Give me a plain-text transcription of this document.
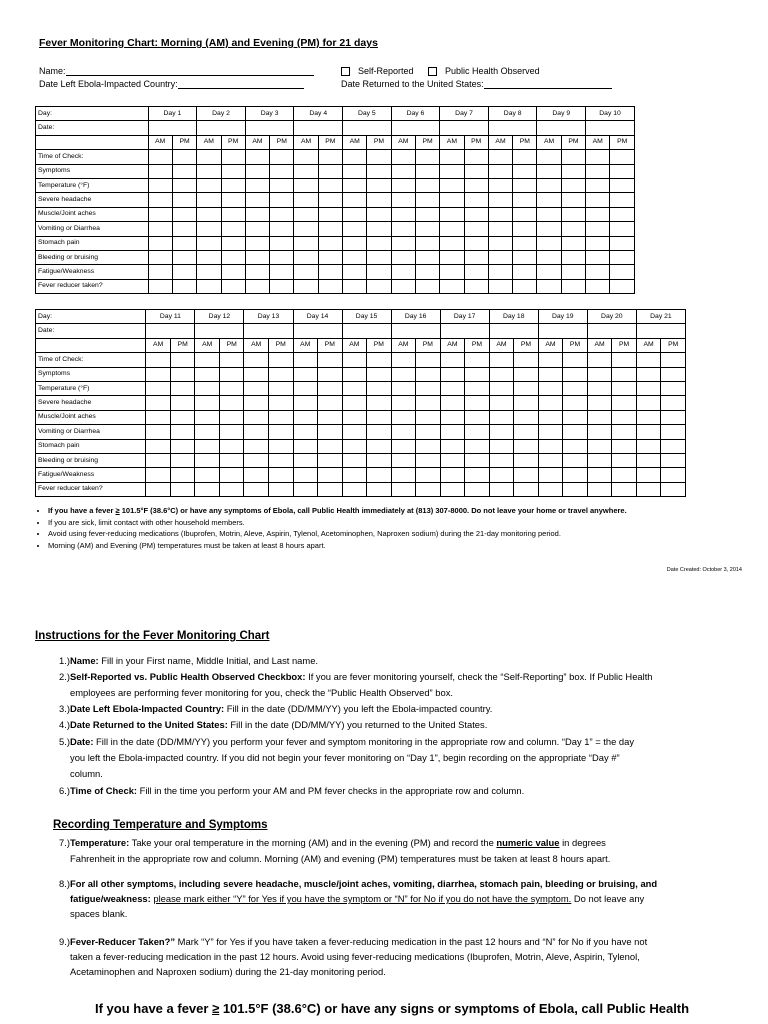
Fever Monitoring Chart: Morning (AM) and Evening (PM) for 21 days
Name:	Self-Reported	Public Health Observed
Date Left Ebola-Impacted Country:	Date Returned to the United States:
Day:	Day 1		Day 2		Day 3		Day 4		Day 5		Day 6		Day 7		Day 8		Day 9		Day 10	
Date:																				
	AM	PM	AM	PM	AM	PM	AM	PM	AM	PM	AM	PM	AM	PM	AM	PM	AM	PM	AM	PM
Time of Check:																				
Symptoms																				
Temperature (°F)																				
Severe headache																				
Muscle/Joint aches																				
Vomiting or Diarrhea																				
Stomach pain																				
Bleeding or bruising																				
Fatigue/Weakness																				
Fever reducer taken?																				
Day:	Day 11		Day 12		Day 13		Day 14		Day 15		Day 16		Day 17		Day 18		Day 19		Day 20		Day 21	
Date:																						
	AM	PM	AM	PM	AM	PM	AM	PM	AM	PM	AM	PM	AM	PM	AM	PM	AM	PM	AM	PM	AM	PM
Time of Check:																						
Symptoms																						
Temperature (°F)																						
Severe headache																						
Muscle/Joint aches																						
Vomiting or Diarrhea																						
Stomach pain																						
Bleeding or bruising																						
Fatigue/Weakness																						
Fever reducer taken?																						
• If you have a fever ≥ 101.5°F (38.6°C) or have any symptoms of Ebola, call Public Health immediately at (813) 307-8000. Do not leave your home or travel anywhere.
• If you are sick, limit contact with other household members.
• Avoid using fever-reducing medications (Ibuprofen, Motrin, Aleve, Aspirin, Tylenol, Acetominophen, Naproxen sodium) during the 21-day monitoring period.
• Morning (AM) and Evening (PM) temperatures must be taken at least 8 hours apart.
Date Created: October 3, 2014
Instructions for the Fever Monitoring Chart
1.) Name: Fill in your First name, Middle Initial, and Last name.
2.) Self-Reported vs. Public Health Observed Checkbox: If you are fever monitoring yourself, check the “Self-Reporting” box. If Public Health
employees are performing fever monitoring for you, check the “Public Health Observed” box.
3.) Date Left Ebola-Impacted Country: Fill in the date (DD/MM/YY) you left the Ebola-impacted country.
4.) Date Returned to the United States: Fill in the date (DD/MM/YY) you returned to the United States.
5.) Date: Fill in the date (DD/MM/YY) you perform your fever and symptom monitoring in the appropriate row and column. “Day 1” = the day
you left the Ebola-impacted country. If you did not begin your fever monitoring on “Day 1”, begin recording on the appropriate “Day #”
column.
6.) Time of Check: Fill in the time you perform your AM and PM fever checks in the appropriate row and column.
Recording Temperature and Symptoms
7.) Temperature: Take your oral temperature in the morning (AM) and in the evening (PM) and record the numeric value in degrees
Fahrenheit in the appropriate row and column. Morning (AM) and evening (PM) temperatures must be taken at least 8 hours apart.
8.) For all other symptoms, including severe headache, muscle/joint aches, vomiting, diarrhea, stomach pain, bleeding or bruising, and
fatigue/weakness: please mark either “Y” for Yes if you have the symptom or “N” for No if you do not have the symptom. Do not leave any
spaces blank.
9.) Fever-Reducer Taken?” Mark “Y” for Yes if you have taken a fever-reducing medication in the past 12 hours and “N” for No if you have not
taken a fever-reducing medication in the past 12 hours. Avoid using fever-reducing medications (Ibuprofen, Motrin, Aleve, Aspirin, Tylenol,
Acetaminophen and Naproxen sodium) during the 21-day monitoring period.
If you have a fever ≥ 101.5°F (38.6°C) or have any signs or symptoms of Ebola, call Public Health
